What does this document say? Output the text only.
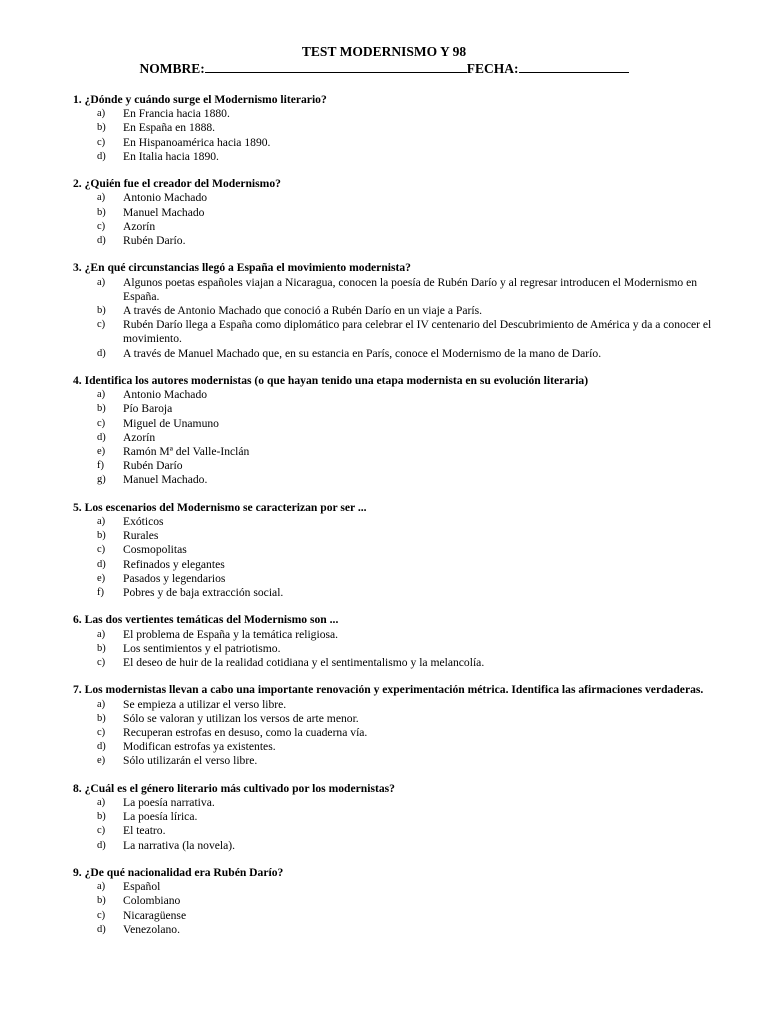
TEST MODERNISMO Y 98
NOMBRE:	FECHA:
1. ¿Dónde y cuándo surge el Modernismo literario?
a)	En Francia hacia 1880.
b)	En España en 1888.
c)	En Hispanoamérica hacia 1890.
d)	En Italia hacia 1890.
2. ¿Quién fue el creador del Modernismo?
a)	Antonio Machado
b)	Manuel Machado
c)	Azorín
d)	Rubén Darío.
3. ¿En qué circunstancias llegó a España el movimiento modernista?
a)	Algunos poetas españoles viajan a Nicaragua, conocen la poesía de Rubén Darío y al regresar introducen el Modernismo en España.
b)	A través de Antonio Machado que conoció a Rubén Darío en un viaje a París.
c)	Rubén Darío llega a España como diplomático para celebrar el IV centenario del Descubrimiento de América y da a conocer el movimiento.
d)	A través de Manuel Machado que, en su estancia en París, conoce el Modernismo de la mano de Darío.
4. Identifica los autores modernistas (o que hayan tenido una etapa modernista en su evolución literaria)
a)	Antonio Machado
b)	Pío Baroja
c)	Miguel de Unamuno
d)	Azorín
e)	Ramón Mª del Valle-Inclán
f)	Rubén Darío
g)	Manuel Machado.
5. Los escenarios del Modernismo se caracterizan por ser ...
a)	Exóticos
b)	Rurales
c)	Cosmopolitas
d)	Refinados y elegantes
e)	Pasados y legendarios
f)	Pobres y de baja extracción social.
6. Las dos vertientes temáticas del Modernismo son ...
a)	El problema de España y la temática religiosa.
b)	Los sentimientos y el patriotismo.
c)	El deseo de huir de la realidad cotidiana y el sentimentalismo y la melancolía.
7. Los modernistas llevan a cabo una importante renovación y experimentación métrica. Identifica las afirmaciones verdaderas.
a)	Se empieza a utilizar el verso libre.
b)	Sólo se valoran y utilizan los versos de arte menor.
c)	Recuperan estrofas en desuso, como la cuaderna vía.
d)	Modifican estrofas ya existentes.
e)	Sólo utilizarán el verso libre.
8. ¿Cuál es el género literario más cultivado por los modernistas?
a)	La poesía narrativa.
b)	La poesía lírica.
c)	El teatro.
d)	La narrativa (la novela).
9. ¿De qué nacionalidad era Rubén Darío?
a)	Español
b)	Colombiano
c)	Nicaragüense
d)	Venezolano.
